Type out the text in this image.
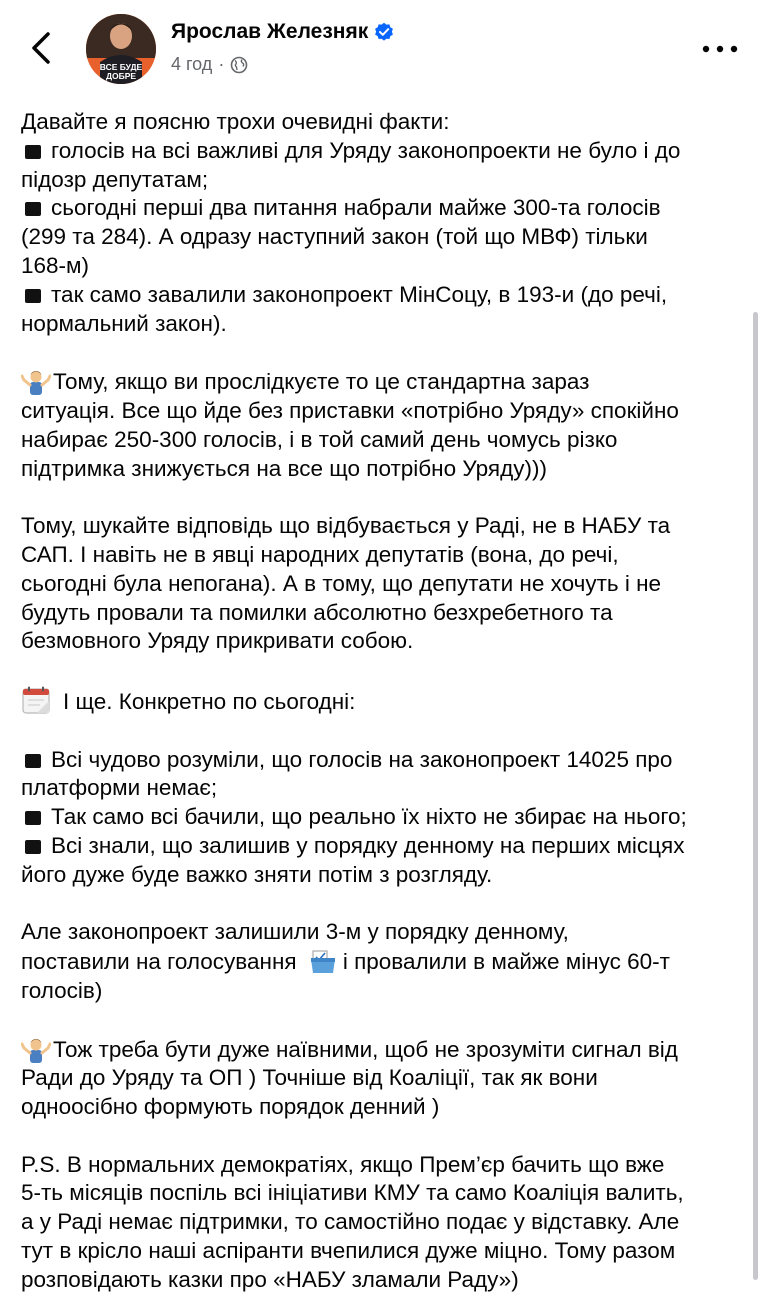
ВСЕ БУДЕ
ДОБРЕ
Ярослав Железняк
4 год ·

Давайте я поясню трохи очевидні факти:

голосів на всі важливі для Уряду законопроекти не було і до

підозр депутатам;

сьогодні перші два питання набрали майже 300-та голосів

(299 та 284). А одразу наступний закон (той що МВФ) тільки

168-м)

так само завалили законопроект МінСоцу, в 193-и (до речі,

нормальний закон).

Тому, якщо ви прослідкуєте то це стандартна зараз

ситуація. Все що йде без приставки «потрібно Уряду» спокійно

набирає 250-300 голосів, і в той самий день чомусь різко

підтримка знижується на все що потрібно Уряду)))

Тому, шукайте відповідь що відбувається у Раді, не в НАБУ та

САП. І навіть не в явці народних депутатів (вона, до речі,

сьогодні була непогана). А в тому, що депутати не хочуть і не

будуть провали та помилки абсолютно безхребетного та

безмовного Уряду прикривати собою.

І ще. Конкретно по сьогодні:

Всі чудово розуміли, що голосів на законопроект 14025 про

платформи немає;

Так само всі бачили, що реально їх ніхто не збирає на нього;

Всі знали, що залишив у порядку денному на перших місцях

його дуже буде важко зняти потім з розгляду.

Але законопроект залишили 3-м у порядку денному,

поставили на голосування і провалили в майже мінус 60-т

голосів)

Тож треба бути дуже наївними, щоб не зрозуміти сигнал від

Ради до Уряду та ОП ) Точніше від Коаліції, так як вони

одноосібно формують порядок денний )

P.S. В нормальних демократіях, якщо Прем’єр бачить що вже

5-ть місяців поспіль всі ініціативи КМУ та само Коаліція валить,

а у Раді немає підтримки, то самостійно подає у відставку. Але

тут в крісло наші аспіранти вчепилися дуже міцно. Тому разом

розповідають казки про «НАБУ зламали Раду»)
